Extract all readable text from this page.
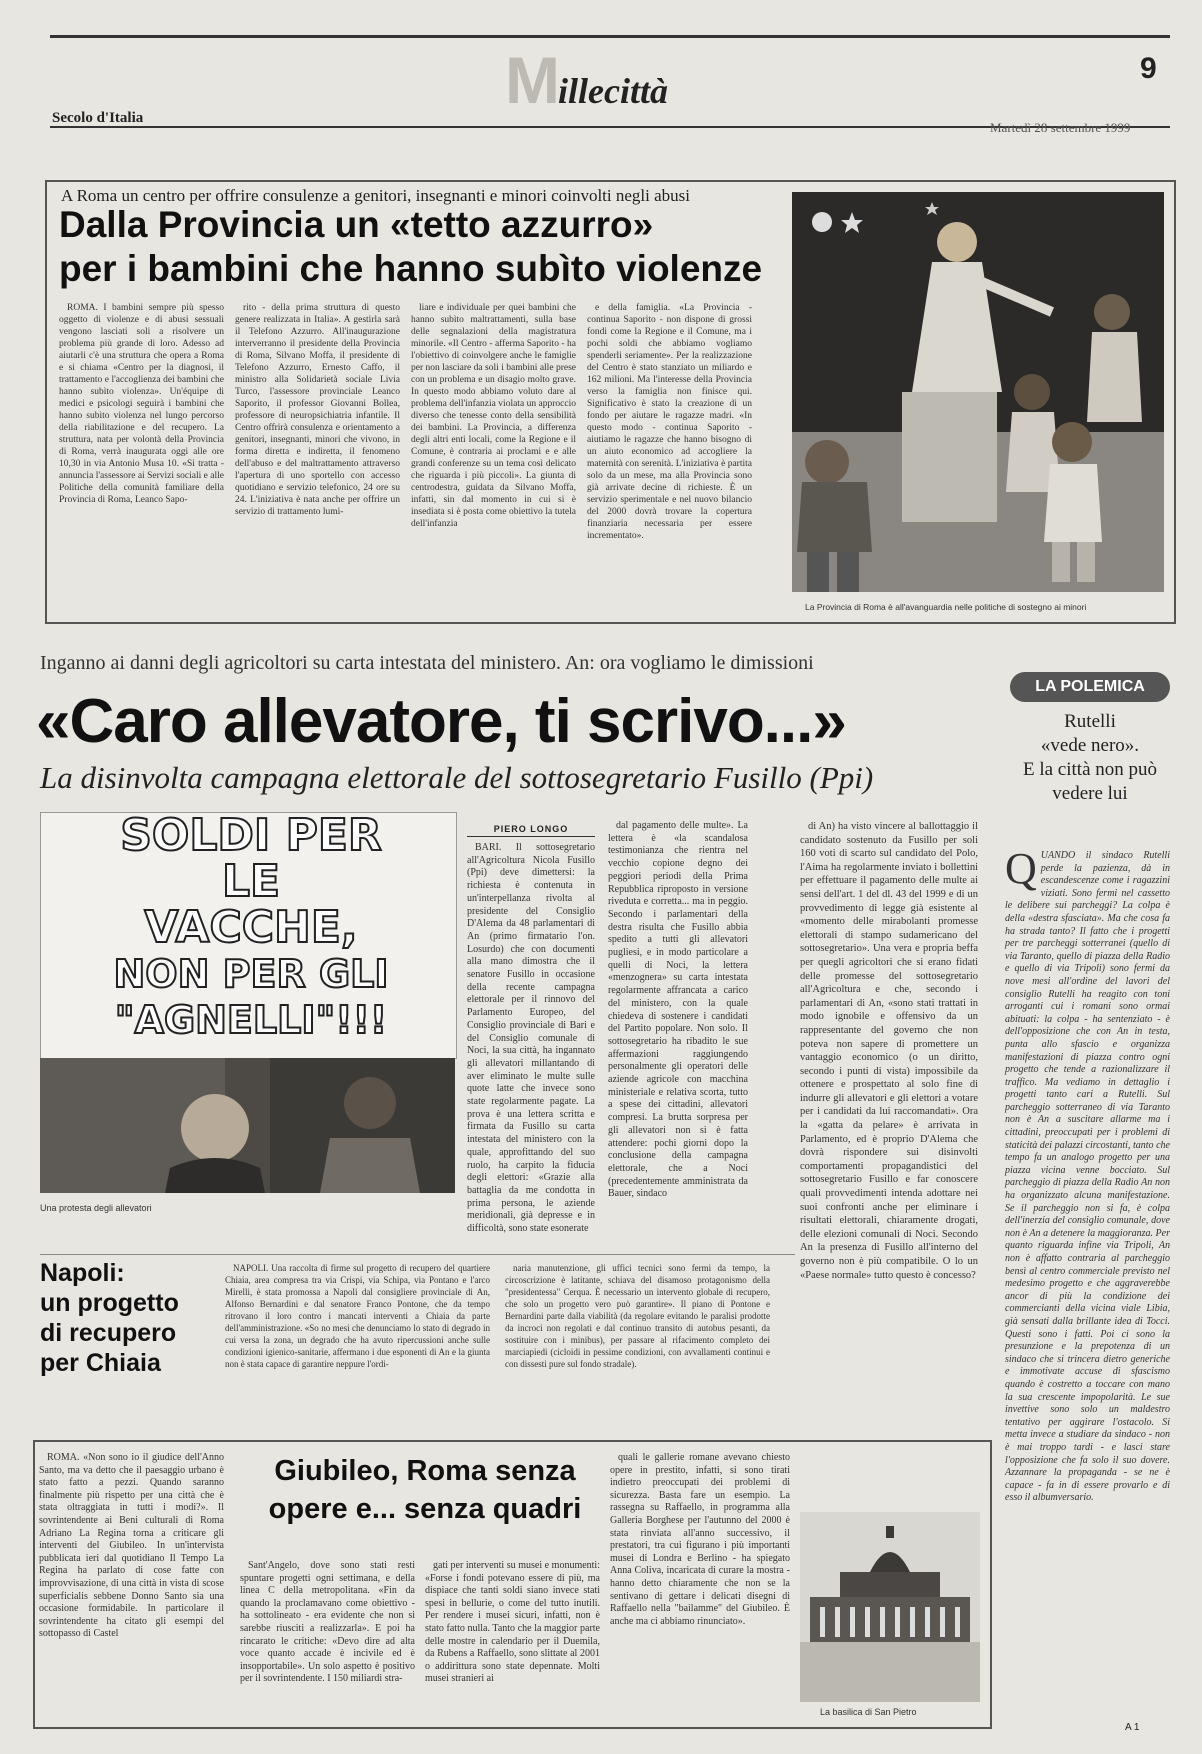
Millecittà
9
Secolo d'Italia
Martedì 28 settembre 1999
A Roma un centro per offrire consulenze a genitori, insegnanti e minori coinvolti negli abusi
Dalla Provincia un «tetto azzurro»
per i bambini che hanno subìto violenze

ROMA. I bambini sempre più spesso oggetto di violenze e di abusi sessuali vengono lasciati soli a risolvere un problema più grande di loro. Adesso ad aiutarli c'è una struttura che opera a Roma e si chiama «Centro per la diagnosi, il trattamento e l'accoglienza dei bambini che hanno subìto violenza». Un'équipe di medici e psicologi seguirà i bambini che hanno subìto violenza nel lungo percorso della riabilitazione e del recupero. La struttura, nata per volontà della Provincia di Roma, verrà inaugurata oggi alle ore 10,30 in via Antonio Musa 10. «Si tratta - annuncia l'assessore ai Servizi sociali e alle Politiche della comunità familiare della Provincia di Roma, Leanco Sapo-

rito - della prima struttura di questo genere realizzata in Italia». A gestirla sarà il Telefono Azzurro. All'inaugurazione interverranno il presidente della Provincia di Roma, Silvano Moffa, il presidente di Telefono Azzurro, Ernesto Caffo, il ministro alla Solidarietà sociale Livia Turco, l'assessore provinciale Leanco Saporito, il professor Giovanni Bollea, professore di neuropsichiatria infantile. Il Centro offrirà consulenza e orientamento a genitori, insegnanti, minori che vivono, in forma diretta e indiretta, il fenomeno dell'abuso e del maltrattamento attraverso l'apertura di uno sportello con accesso quotidiano e servizio telefonico, 24 ore su 24. L'iniziativa è nata anche per offrire un servizio di trattamento lumi-

liare e individuale per quei bambini che hanno subìto maltrattamenti, sulla base delle segnalazioni della magistratura minorile. «Il Centro - afferma Saporito - ha l'obiettivo di coinvolgere anche le famiglie per non lasciare da soli i bambini alle prese con un problema e un disagio molto grave. In questo modo abbiamo voluto dare al problema dell'infanzia violata un approccio diverso che tenesse conto della sensibilità dei bambini. La Provincia, a differenza degli altri enti locali, come la Regione e il Comune, è contraria ai proclami e e alle grandi conferenze su un tema così delicato che riguarda i più piccoli». La giunta di centrodestra, guidata da Silvano Moffa, infatti, sin dal momento in cui si è insediata si è posta come obiettivo la tutela dell'infanzia

e della famiglia. «La Provincia - continua Saporito - non dispone di grossi fondi come la Regione e il Comune, ma i pochi soldi che abbiamo vogliamo spenderli seriamente». Per la realizzazione del Centro è stato stanziato un miliardo e 162 milioni. Ma l'interesse della Provincia verso la famiglia non finisce qui. Significativo è stato la creazione di un fondo per aiutare le ragazze madri. «In questo modo - continua Saporito - aiutiamo le ragazze che hanno bisogno di un aiuto economico ad accogliere la maternità con serenità. L'iniziativa è partita solo da un mese, ma alla Provincia sono già arrivate decine di richieste. È un servizio sperimentale e nel nuovo bilancio del 2000 dovrà trovare la copertura finanziaria necessaria per essere incrementato».

La Provincia di Roma è all'avanguardia nelle politiche di sostegno ai minori
Inganno ai danni degli agricoltori su carta intestata del ministero. An: ora vogliamo le dimissioni
«Caro allevatore, ti scrivo...»
La disinvolta campagna elettorale del sottosegretario Fusillo (Ppi)
SOLDI PER
LE
VACCHE,
NON PER GLI
"AGNELLI"!!!
Una protesta degli allevatori
PIERO LONGO

BARI. Il sottosegretario all'Agricoltura Nicola Fusillo (Ppi) deve dimettersi: la richiesta è contenuta in un'interpellanza rivolta al presidente del Consiglio D'Alema da 48 parlamentari di An (primo firmatario l'on. Losurdo) che con documenti alla mano dimostra che il senatore Fusillo in occasione della recente campagna elettorale per il rinnovo del Parlamento Europeo, del Consiglio provinciale di Bari e del Consiglio comunale di Noci, la sua città, ha ingannato gli allevatori millantando di aver eliminato le multe sulle quote latte che invece sono state regolarmente pagate. La prova è una lettera scritta e firmata da Fusillo su carta intestata del ministero con la quale, approfittando del suo ruolo, ha carpito la fiducia degli elettori: «Grazie alla battaglia da me condotta in prima persona, le aziende meridionali, già depresse e in difficoltà, sono state esonerate

dal pagamento delle multe». La lettera è «la scandalosa testimonianza che rientra nel vecchio copione degno dei peggiori periodi della Prima Repubblica riproposto in versione riveduta e corretta... ma in peggio. Secondo i parlamentari della destra risulta che Fusillo abbia spedito a tutti gli allevatori pugliesi, e in modo particolare a quelli di Noci, la lettera «menzognera» su carta intestata regolarmente affrancata a carico del ministero, con la quale chiedeva di sostenere i candidati del Partito popolare. Non solo. Il sottosegretario ha ribadito le sue affermazioni raggiungendo personalmente gli operatori delle aziende agricole con macchina ministeriale e relativa scorta, tutto a spese dei cittadini, allevatori compresi. La brutta sorpresa per gli allevatori non si è fatta attendere: pochi giorni dopo la conclusione della campagna elettorale, che a Noci (precedentemente amministrata da Bauer, sindaco

di An) ha visto vincere al ballottaggio il candidato sostenuto da Fusillo per soli 160 voti di scarto sul candidato del Polo, l'Aima ha regolarmente inviato i bollettini per effettuare il pagamento delle multe ai sensi dell'art. 1 del dl. 43 del 1999 e di un provvedimento di legge già esistente al «momento delle mirabolanti promesse elettorali di stampo sudamericano del sottosegretario». Una vera e propria beffa per quegli agricoltori che si erano fidati delle promesse del sottosegretario all'Agricoltura e che, secondo i parlamentari di An, «sono stati trattati in modo ignobile e offensivo da un rappresentante del governo che non poteva non sapere di promettere un vantaggio economico (o un diritto, secondo i punti di vista) impossibile da ottenere e prospettato al solo fine di indurre gli allevatori e gli elettori a votare per i candidati da lui raccomandati». Ora la «gatta da pelare» è arrivata in Parlamento, ed è proprio D'Alema che dovrà rispondere sui disinvolti comportamenti propagandistici del sottosegretario Fusillo e far conoscere quali provvedimenti intenda adottare nei suoi confronti anche per eliminare i risultati elettorali, chiaramente drogati, delle elezioni comunali di Noci. Secondo An la presenza di Fusillo all'interno del governo non è più compatibile. O lo un «Paese normale» tutto questo è concesso?

LA POLEMICA
Rutelli
«vede nero».
E la città non può
vedere lui
Q UANDO il sindaco Rutelli perde la pazienza, dà in escandescenze come i ragazzini viziati. Sono fermi nel cassetto le delibere sui parcheggi? La colpa è della «destra sfasciata». Ma che cosa fa ha strada tanto? Il fatto che i progetti per tre parcheggi sotterranei (quello di via Taranto, quello di piazza della Radio e quello di via Tripoli) sono fermi da nove mesi all'ordine del lavori del consiglio Rutelli ha reagito con toni arroganti cui i romani sono ormai abituati: la colpa - ha sentenziato - è dell'opposizione che con An in testa, punta allo sfascio e organizza manifestazioni di piazza contro ogni progetto che tende a razionalizzare il traffico. Ma vediamo in dettaglio i progetti tanto cari a Rutelli. Sul parcheggio sotterraneo di via Taranto non è An a suscitare allarme ma i cittadini, preoccupati per i problemi di staticità dei palazzi circostanti, tanto che tempo fa un analogo progetto per una piazza vicina venne bocciato. Sul parcheggio di piazza della Radio An non ha organizzato alcuna manifestazione. Se il parcheggio non si fa, è colpa dell'inerzia del consiglio comunale, dove non è An a detenere la maggioranza. Per quanto riguarda infine via Tripoli, An non è affatto contraria al parcheggio bensì al centro commerciale previsto nel medesimo progetto e che aggraverebbe ancor di più la condizione dei commercianti della vicina viale Libia, già sensati dalla brillante idea di Tocci. Questi sono i fatti. Poi ci sono la presunzione e la prepotenza di un sindaco che si trincera dietro generiche e immotivate accuse di sfascismo quando è costretto a toccare con mano la sua crescente impopolarità. Le sue invettive sono solo un maldestro tentativo per aggirare l'ostacolo. Si metta invece a studiare da sindaco - non è mai troppo tardi - e lasci stare l'opposizione che fa solo il suo dovere. Azzannare la propaganda - se ne è capace - fa in di essere provarlo e di esso il albumversario.
Napoli:
un progetto
di recupero
per Chiaia

NAPOLI. Una raccolta di firme sul progetto di recupero del quartiere Chiaia, area compresa tra via Crispi, via Schipa, via Pontano e l'arco Mirelli, è stata promossa a Napoli dal consigliere provinciale di An, Alfonso Bernardini e dal senatore Franco Pontone, che da tempo ritrovano il loro contro i mancati interventi a Chiaia da parte dell'amministrazione. «So no mesi che denunciamo lo stato di degrado in cui versa la zona, un degrado che ha avuto ripercussioni anche sulle condizioni igienico-sanitarie, affermano i due esponenti di An e la giunta non è stata capace di garantire neppure l'ordi-

naria manutenzione, gli uffici tecnici sono fermi da tempo, la circoscrizione è latitante, schiava del disamoso protagonismo della "presidentessa" Cerqua. È necessario un intervento globale di recupero, che solo un progetto vero può garantire». Il piano di Pontone e Bernardini parte dalla viabilità (da regolare evitando le paralisi prodotte da incroci non regolati e dal continuo transito di autobus pesanti, da sostituire con i minibus), per passare al rifacimento completo dei marciapiedi (cicloidi in pessime condizioni, con avvallamenti continui e con dissesti pure sul fondo stradale).

ROMA. «Non sono io il giudice dell'Anno Santo, ma va detto che il paesaggio urbano è stato fatto a pezzi. Quando saranno finalmente più rispetto per una città che è stata oltraggiata in tutti i modi?». Il sovrintendente ai Beni culturali di Roma Adriano La Regina torna a criticare gli interventi del Giubileo. In un'intervista pubblicata ieri dal quotidiano Il Tempo La Regina ha parlato di cose fatte con improvvisazione, di una città in vista di scose superficialis sebbene Donno Santo sia una occasione formidabile. In particolare il sovrintendente ha citato gli esempi del sottopasso di Castel

Giubileo, Roma senza
opere e... senza quadri

Sant'Angelo, dove sono stati resti spuntare progetti ogni settimana, e della linea C della metropolitana. «Fin da quando la proclamavano come obiettivo - ha sottolineato - era evidente che non si sarebbe riusciti a realizzarla». E poi ha rincarato le critiche: «Devo dire ad alta voce quanto accade è incivile ed è insopportabile». Un solo aspetto è positivo per il sovrintendente. I 150 miliardi stra-

gati per interventi su musei e monumenti: «Forse i fondi potevano essere di più, ma dispiace che tanti soldi siano invece stati spesi in bellurie, o come del tutto inutili. Per rendere i musei sicuri, infatti, non è stato fatto nulla. Tanto che la maggior parte delle mostre in calendario per il Duemila, da Rubens a Raffaello, sono slittate al 2001 o addirittura sono state depennate. Molti musei stranieri ai

quali le gallerie romane avevano chiesto opere in prestito, infatti, si sono tirati indietro preoccupati dei problemi di sicurezza. Basta fare un esempio. La rassegna su Raffaello, in programma alla Galleria Borghese per l'autunno del 2000 è stata rinviata all'anno successivo, il prestatori, tra cui figurano i più importanti musei di Londra e Berlino - ha spiegato Anna Coliva, incaricata di curare la mostra - hanno detto chiaramente che non se la sentivano di gettare i delicati disegni di Raffaello nella "bailamme" del Giubileo. È anche ma ci abbiamo rinunciato».

La basilica di San Pietro
A 1
